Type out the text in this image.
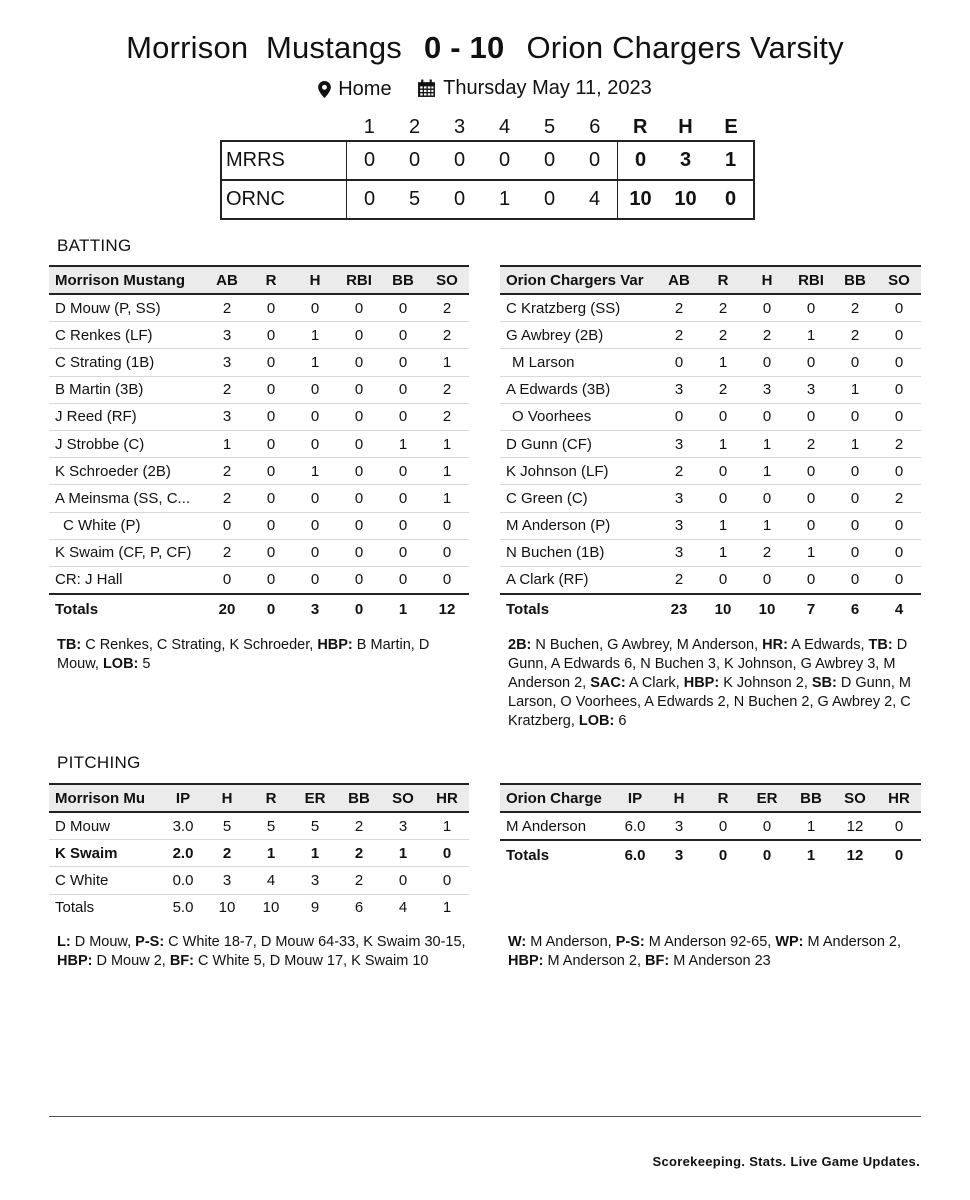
Morrison  Mustangs 0 - 10 Orion Chargers Varsity
Home
	Thursday May 11, 2023
	1	2	3	4	5	6	R	H	E
MRRS	0	0	0	0	0	0	0	3	1
ORNC	0	5	0	1	0	4	10	10	0
BATTING
Morrison Mustang	AB	R	H	RBI	BB	SO
D Mouw (P, SS)	2	0	0	0	0	2
C Renkes (LF)	3	0	1	0	0	2
C Strating (1B)	3	0	1	0	0	1
B Martin (3B)	2	0	0	0	0	2
J Reed (RF)	3	0	0	0	0	2
J Strobbe (C)	1	0	0	0	1	1
K Schroeder (2B)	2	0	1	0	0	1
A Meinsma (SS, C...	2	0	0	0	0	1
C White (P)	0	0	0	0	0	0
K Swaim (CF, P, CF)	2	0	0	0	0	0
CR: J Hall	0	0	0	0	0	0
Totals	20	0	3	0	1	12
Orion Chargers Var	AB	R	H	RBI	BB	SO
C Kratzberg (SS)	2	2	0	0	2	0
G Awbrey (2B)	2	2	2	1	2	0
M Larson	0	1	0	0	0	0
A Edwards (3B)	3	2	3	3	1	0
O Voorhees	0	0	0	0	0	0
D Gunn (CF)	3	1	1	2	1	2
K Johnson (LF)	2	0	1	0	0	0
C Green (C)	3	0	0	0	0	2
M Anderson (P)	3	1	1	0	0	0
N Buchen (1B)	3	1	2	1	0	0
A Clark (RF)	2	0	0	0	0	0
Totals	23	10	10	7	6	4
TB: C Renkes, C Strating, K Schroeder, HBP: B Martin, D Mouw, LOB: 5
2B: N Buchen, G Awbrey, M Anderson, HR: A Edwards, TB: D Gunn, A Edwards 6, N Buchen 3, K Johnson, G Awbrey 3, M Anderson 2, SAC: A Clark, HBP: K Johnson 2, SB: D Gunn, M Larson, O Voorhees, A Edwards 2, N Buchen 2, G Awbrey 2, C Kratzberg, LOB: 6
PITCHING
Morrison Mu	IP	H	R	ER	BB	SO	HR
D Mouw	3.0	5	5	5	2	3	1
K Swaim	2.0	2	1	1	2	1	0
C White	0.0	3	4	3	2	0	0
Totals	5.0	10	10	9	6	4	1
Orion Charge	IP	H	R	ER	BB	SO	HR
M Anderson	6.0	3	0	0	1	12	0
Totals	6.0	3	0	0	1	12	0
L: D Mouw, P-S: C White 18-7, D Mouw 64-33, K Swaim 30-15, HBP: D Mouw 2, BF: C White 5, D Mouw 17, K Swaim 10
W: M Anderson, P-S: M Anderson 92-65, WP: M Anderson 2, HBP: M Anderson 2, BF: M Anderson 23
Scorekeeping. Stats. Live Game Updates.
